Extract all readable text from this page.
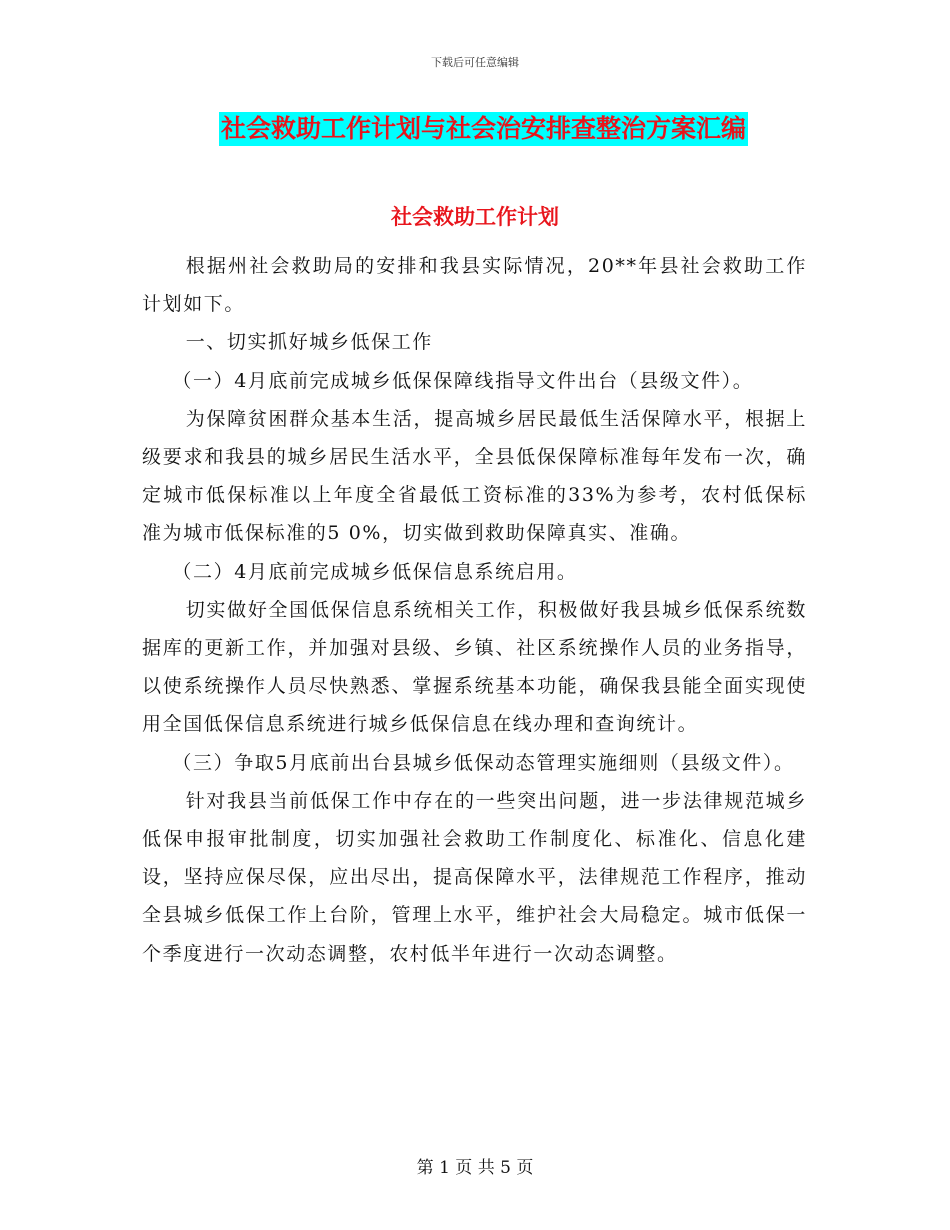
下载后可任意编辑
社会救助工作计划与社会治安排查整治方案汇编
社会救助工作计划

根据州社会救助局的安排和我县实际情况，20**年县社会救助工作计划如下。

一、切实抓好城乡低保工作

（一）4月底前完成城乡低保保障线指导文件出台（县级文件）。

为保障贫困群众基本生活，提高城乡居民最低生活保障水平，根据上级要求和我县的城乡居民生活水平，全县低保保障标准每年发布一次，确定城市低保标准以上年度全省最低工资标准的33%为参考，农村低保标准为城市低保标准的5 0%，切实做到救助保障真实、准确。

（二）4月底前完成城乡低保信息系统启用。

切实做好全国低保信息系统相关工作，积极做好我县城乡低保系统数据库的更新工作，并加强对县级、乡镇、社区系统操作人员的业务指导，以使系统操作人员尽快熟悉、掌握系统基本功能，确保我县能全面实现使用全国低保信息系统进行城乡低保信息在线办理和查询统计。

（三）争取5月底前出台县城乡低保动态管理实施细则（县级文件）。

针对我县当前低保工作中存在的一些突出问题，进一步法律规范城乡低保申报审批制度，切实加强社会救助工作制度化、标准化、信息化建设，坚持应保尽保，应出尽出，提高保障水平，法律规范工作程序，推动全县城乡低保工作上台阶，管理上水平，维护社会大局稳定。城市低保一个季度进行一次动态调整，农村低半年进行一次动态调整。

第 1 页 共 5 页
